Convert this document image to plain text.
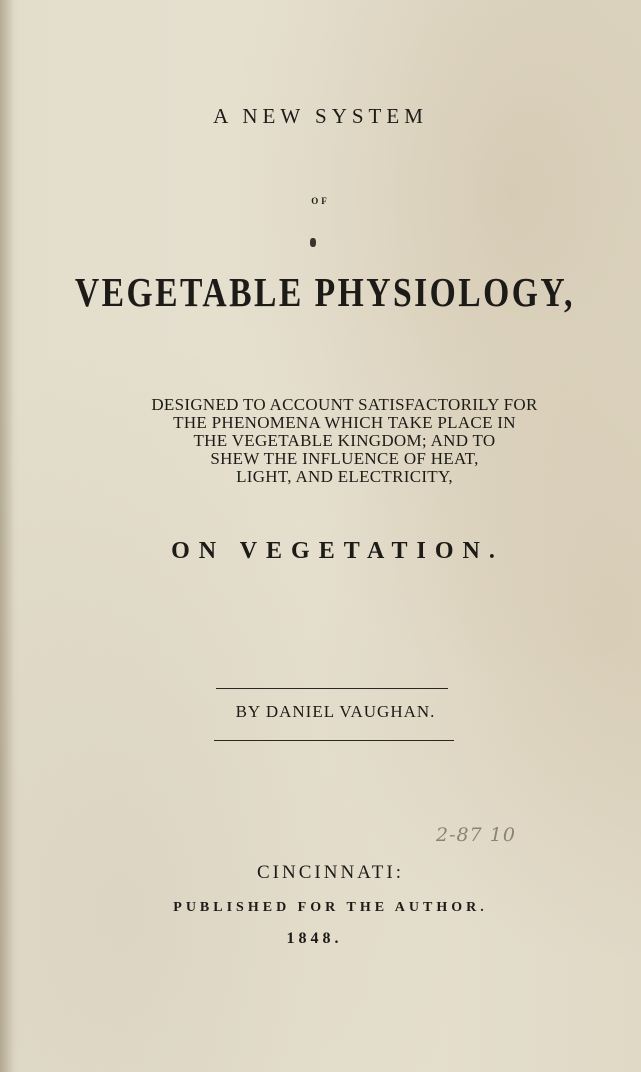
A NEW SYSTEM
OF
VEGETABLE PHYSIOLOGY,
DESIGNED TO ACCOUNT SATISFACTORILY FOR
THE PHENOMENA WHICH TAKE PLACE IN
THE VEGETABLE KINGDOM; AND TO
SHEW THE INFLUENCE OF HEAT,
LIGHT, AND ELECTRICITY,
ON VEGETATION.
BY DANIEL VAUGHAN.
2-87 10
CINCINNATI:
PUBLISHED FOR THE AUTHOR.
1848.
